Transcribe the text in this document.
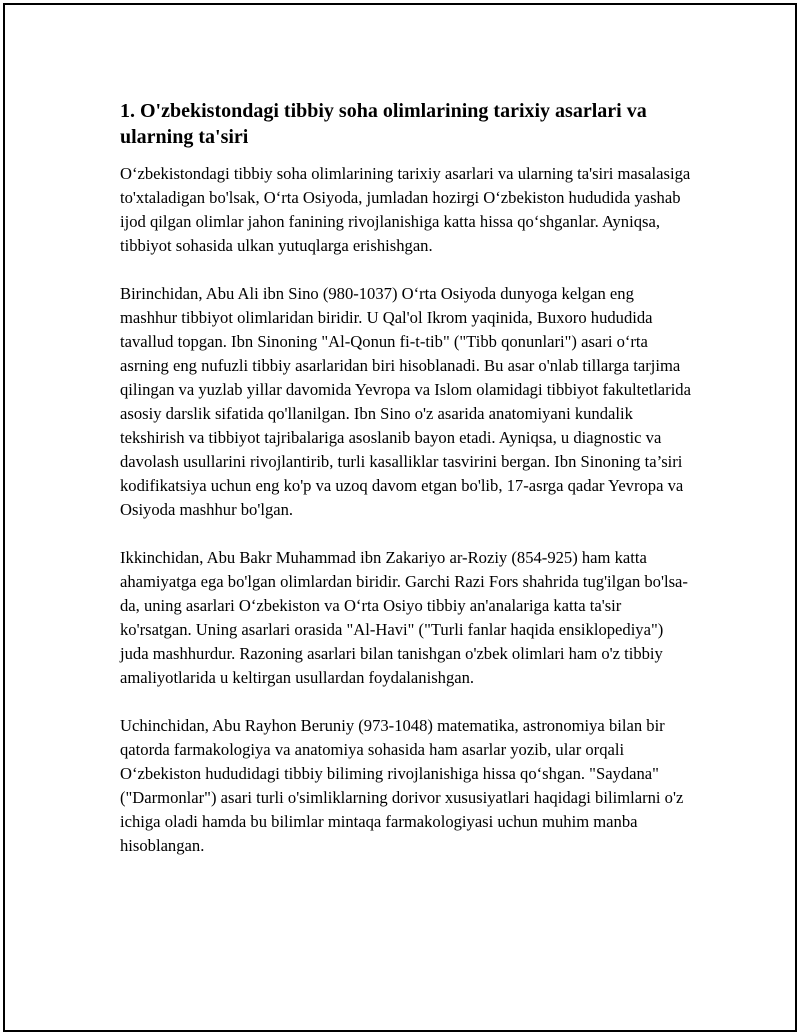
1. O'zbekistondagi tibbiy soha olimlarining tarixiy asarlari va ularning ta'siri

O‘zbekistondagi tibbiy soha olimlarining tarixiy asarlari va ularning ta'siri masalasiga to'xtaladigan bo'lsak, O‘rta Osiyoda, jumladan hozirgi O‘zbekiston hududida yashab ijod qilgan olimlar jahon fanining rivojlanishiga katta hissa qo‘shganlar. Ayniqsa, tibbiyot sohasida ulkan yutuqlarga erishishgan.

Birinchidan, Abu Ali ibn Sino (980-1037) O‘rta Osiyoda dunyoga kelgan eng mashhur tibbiyot olimlaridan biridir. U Qal'ol Ikrom yaqinida, Buxoro hududida tavallud topgan. Ibn Sinoning "Al-Qonun fi-t-tib" ("Tibb qonunlari") asari o‘rta asrning eng nufuzli tibbiy asarlaridan biri hisoblanadi. Bu asar o'nlab tillarga tarjima qilingan va yuzlab yillar davomida Yevropa va Islom olamidagi tibbiyot fakultetlarida asosiy darslik sifatida qo'llanilgan. Ibn Sino o'z asarida anatomiyani kundalik tekshirish va tibbiyot tajribalariga asoslanib bayon etadi. Ayniqsa, u diagnostic va davolash usullarini rivojlantirib, turli kasalliklar tasvirini bergan. Ibn Sinoning ta’siri kodifikatsiya uchun eng ko'p va uzoq davom etgan bo'lib, 17-asrga qadar Yevropa va Osiyoda mashhur bo'lgan.

Ikkinchidan, Abu Bakr Muhammad ibn Zakariyo ar-Roziy (854-925) ham katta ahamiyatga ega bo'lgan olimlardan biridir. Garchi Razi Fors shahrida tug'ilgan bo'lsa-da, uning asarlari O‘zbekiston va O‘rta Osiyo tibbiy an'analariga katta ta'sir ko'rsatgan. Uning asarlari orasida "Al-Havi" ("Turli fanlar haqida ensiklopediya") juda mashhurdur. Razoning asarlari bilan tanishgan o'zbek olimlari ham o'z tibbiy amaliyotlarida u keltirgan usullardan foydalanishgan.

Uchinchidan, Abu Rayhon Beruniy (973-1048) matematika, astronomiya bilan bir qatorda farmakologiya va anatomiya sohasida ham asarlar yozib, ular orqali O‘zbekiston hududidagi tibbiy biliming rivojlanishiga hissa qo‘shgan. "Saydana" ("Darmonlar") asari turli o'simliklarning dorivor xususiyatlari haqidagi bilimlarni o'z ichiga oladi hamda bu bilimlar mintaqa farmakologiyasi uchun muhim manba hisoblangan.
